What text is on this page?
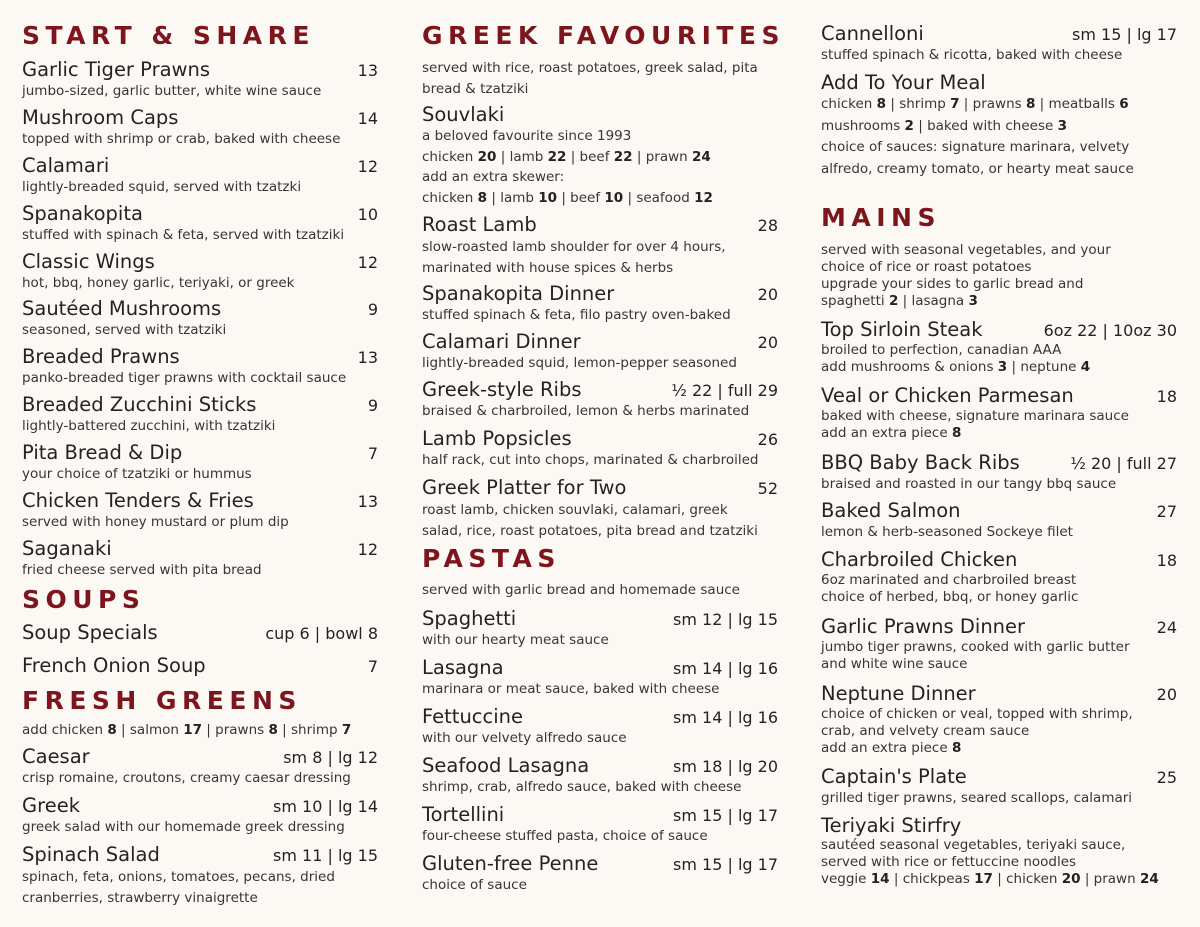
START & SHARE
Garlic Tiger Prawns	13
jumbo-sized, garlic butter, white wine sauce
Mushroom Caps	14
topped with shrimp or crab, baked with cheese
Calamari	12
lightly-breaded squid, served with tzatzki
Spanakopita	10
stuffed with spinach & feta, served with tzatziki
Classic Wings	12
hot, bbq, honey garlic, teriyaki, or greek
Sautéed Mushrooms	9
seasoned, served with tzatziki
Breaded Prawns	13
panko-breaded tiger prawns with cocktail sauce
Breaded Zucchini Sticks	9
lightly-battered zucchini, with tzatziki
Pita Bread & Dip	7
your choice of tzatziki or hummus
Chicken Tenders & Fries	13
served with honey mustard or plum dip
Saganaki	12
fried cheese served with pita bread
SOUPS
Soup Specials	cup 6 | bowl 8
French Onion Soup	7
FRESH GREENS
add chicken 8 | salmon 17 | prawns 8 | shrimp 7
Caesar	sm 8 | lg 12
crisp romaine, croutons, creamy caesar dressing
Greek	sm 10 | lg 14
greek salad with our homemade greek dressing
Spinach Salad	sm 11 | lg 15
spinach, feta, onions, tomatoes, pecans, dried
cranberries, strawberry vinaigrette
GREEK FAVOURITES
served with rice, roast potatoes, greek salad, pita
bread & tzatziki
Souvlaki
a beloved favourite since 1993
chicken 20 | lamb 22 | beef 22 | prawn 24
add an extra skewer:
chicken 8 | lamb 10 | beef 10 | seafood 12
Roast Lamb	28
slow-roasted lamb shoulder for over 4 hours,
marinated with house spices & herbs
Spanakopita Dinner	20
stuffed spinach & feta, filo pastry oven-baked
Calamari Dinner	20
lightly-breaded squid, lemon-pepper seasoned
Greek-style Ribs	½ 22 | full 29
braised & charbroiled, lemon & herbs marinated
Lamb Popsicles	26
half rack, cut into chops, marinated & charbroiled
Greek Platter for Two	52
roast lamb, chicken souvlaki, calamari, greek
salad, rice, roast potatoes, pita bread and tzatziki
PASTAS
served with garlic bread and homemade sauce
Spaghetti	sm 12 | lg 15
with our hearty meat sauce
Lasagna	sm 14 | lg 16
marinara or meat sauce, baked with cheese
Fettuccine	sm 14 | lg 16
with our velvety alfredo sauce
Seafood Lasagna	sm 18 | lg 20
shrimp, crab, alfredo sauce, baked with cheese
Tortellini	sm 15 | lg 17
four-cheese stuffed pasta, choice of sauce
Gluten-free Penne	sm 15 | lg 17
choice of sauce
Cannelloni	sm 15 | lg 17
stuffed spinach & ricotta, baked with cheese
Add To Your Meal
chicken 8 | shrimp 7 | prawns 8 | meatballs 6
mushrooms 2 | baked with cheese 3
choice of sauces: signature marinara, velvety
alfredo, creamy tomato, or hearty meat sauce
MAINS
served with seasonal vegetables, and your
choice of rice or roast potatoes
upgrade your sides to garlic bread and
spaghetti 2 | lasagna 3
Top Sirloin Steak	6oz 22 | 10oz 30
broiled to perfection, canadian AAA
add mushrooms & onions 3 | neptune 4
Veal or Chicken Parmesan	18
baked with cheese, signature marinara sauce
add an extra piece 8
BBQ Baby Back Ribs	½ 20 | full 27
braised and roasted in our tangy bbq sauce
Baked Salmon	27
lemon & herb-seasoned Sockeye filet
Charbroiled Chicken	18
6oz marinated and charbroiled breast
choice of herbed, bbq, or honey garlic
Garlic Prawns Dinner	24
jumbo tiger prawns, cooked with garlic butter
and white wine sauce
Neptune Dinner	20
choice of chicken or veal, topped with shrimp,
crab, and velvety cream sauce
add an extra piece 8
Captain's Plate	25
grilled tiger prawns, seared scallops, calamari
Teriyaki Stirfry
sautéed seasonal vegetables, teriyaki sauce,
served with rice or fettuccine noodles
veggie 14 | chickpeas 17 | chicken 20 | prawn 24
